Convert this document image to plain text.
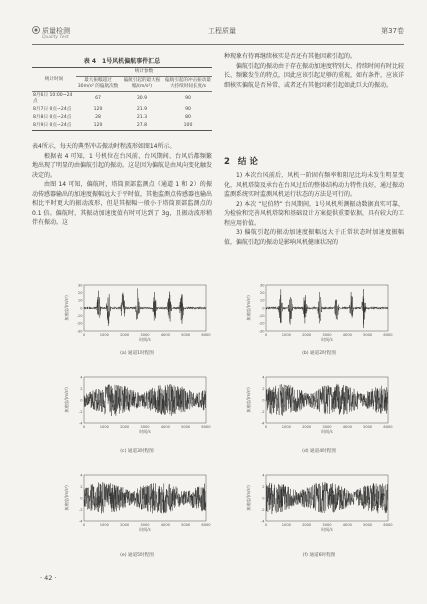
质量检测
Quality Test
工程质量	第37卷
表 4　1号风机偏航事件汇总
统计时间	统计参数		
	最大振幅超过 30m/s² 的偏航次数	偏航引起的最大振幅/(m/s²)	偏航引起的冲击振动最大持续时间长度/s
8月6日 10:00~24点	67	30.9	90
8月7日 0点~24点	120	21.9	90
8月8日 0点~24点	28	21.3	80
8月9日 0点~24点	120	27.8	100

表4所示，每天的典型冲击振动时程波形如图14所示。

根据表 4 可知，1 号机位在台风前、台风期间、台风后都频繁地出现了明显的由偏航引起的振动。这是因为偏航是由风向变化触发决定的。

由图 14 可知，偏航时，塔筒顶部监测点（通道 1 和 2）的振动传感器输出的加速度振幅远大于平时值，其他监测点传感器也输出相比平时更大的振动波形，但是其振幅一般小于塔筒顶部监测点的 0.1 倍。偏航时，其振动加速度值有时可达到了 3g，且振动波形稍伴有振动。这

种现象有待再继续核实是否还有其他因素引起的。

偏航引起的振动由于存在振动加速度特别大、持续时间有时比较长、频繁发生的特点，因此应该引起足够的重视，如有条件，应该详细核实偏航是否异常，或者还有其他因素引起如此巨大的振动。

2 结 论

1) 本次台风前后，风机一阶固有频率和阻尼比均未发生明显变化，风机塔筒及承台在台风过后的整体结构动力特性良好，通过振动监测系统实时监测风机运行状态的方法是可行的。

2) 本次 “尼伯特” 台风期间，1号风机所测振动数据真实可靠，为检验和完善风机塔筒和基础设计方案提供重要依据，具有较大的工程应用价值。

3) 偏航引起的振动加速度振幅远大于正常状态时加速度振幅值，偏航引起的振动是影响风机健康状况的

加速度/(m/s²)
30
20
10
0
-10
-20
-30
0	1000	2000	3000	4000	5000	6000
时间/s
(a) 通道1时程图
加速度/(m/s²)
30
20
10
0
-10
-20
-30
0	1000	2000	3000	4000	5000	6000
时间/s
(b) 通道2时程图
加速度/(m/s²)
4
2
0
-2
-4
0	1000	2000	3000	4000	5000	6000
时间/s
(c) 通道3时程图
加速度/(m/s²)
4
2
0
-2
-4
0	1000	2000	3000	4000	5000	6000
时间/s
(d) 通道4时程图
加速度/(m/s²)
4
2
0
-2
-4
0	1000	2000	3000	4000	5000	6000
时间/s
(e) 通道5时程图
加速度/(m/s²)
4
2
0
-2
-4
0	1000	2000	3000	4000	5000	6000
时间/s
(f) 通道6时程图
· 42 ·
